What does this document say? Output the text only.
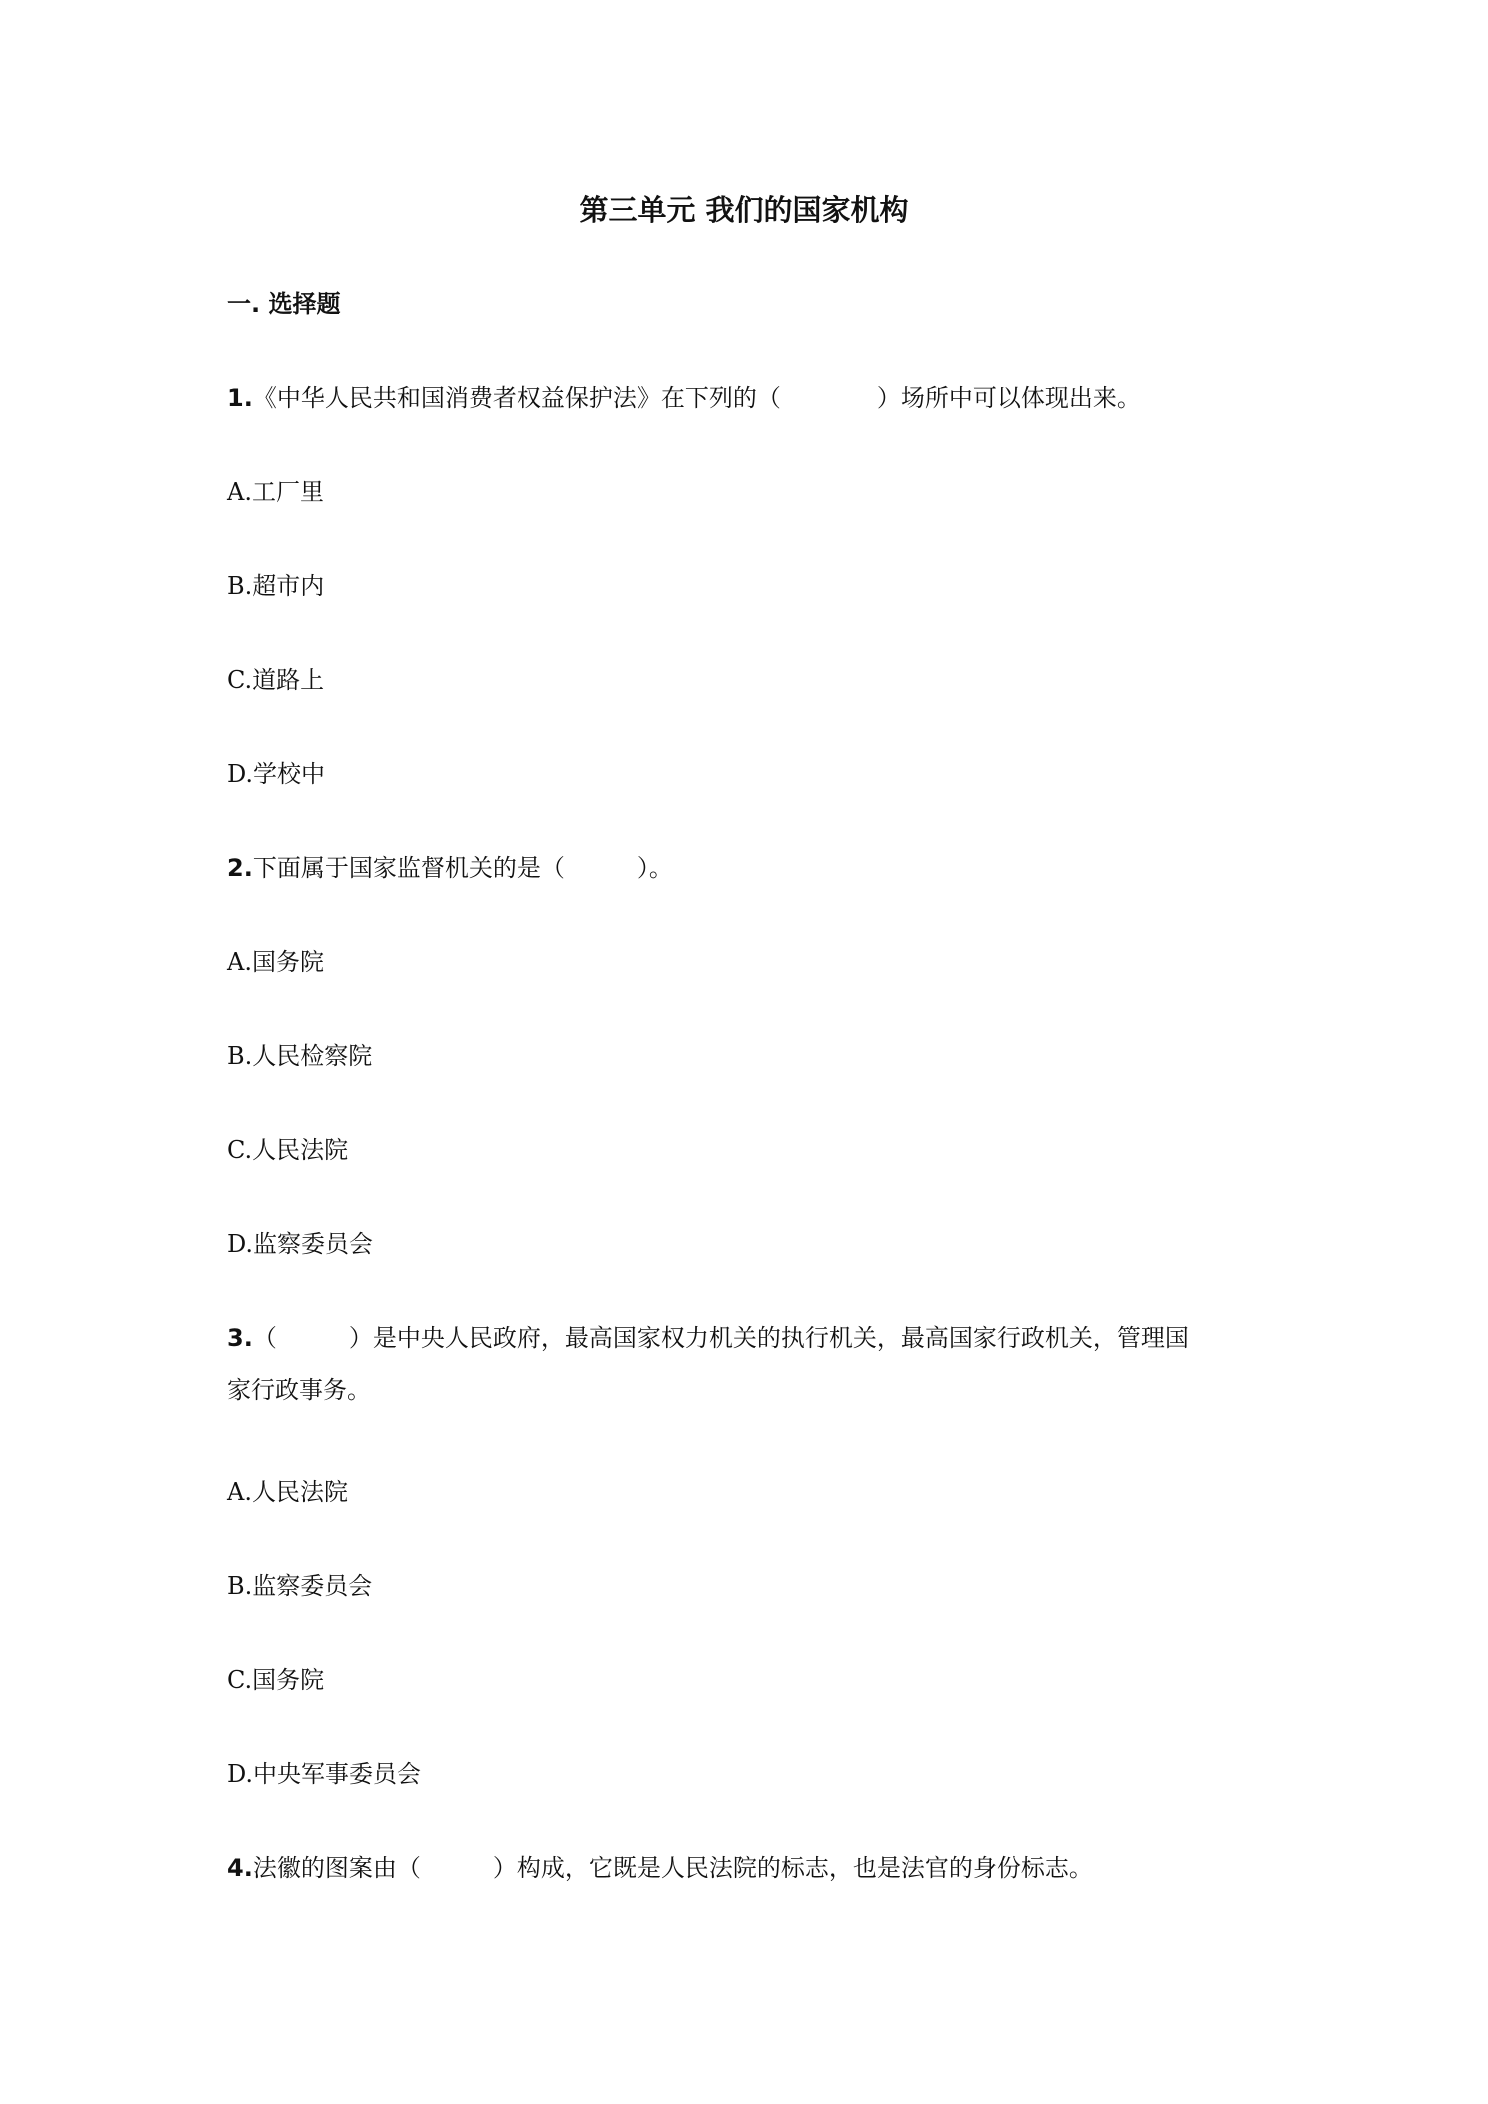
第三单元 我们的国家机构
一. 选择题
1.《中华人民共和国消费者权益保护法》在下列的（　　　　）场所中可以体现出来。
A.工厂里
B.超市内
C.道路上
D.学校中
2.下面属于国家监督机关的是（　　　）。
A.国务院
B.人民检察院
C.人民法院
D.监察委员会
3.（　　　）是中央人民政府，最高国家权力机关的执行机关，最高国家行政机关，管理国
家行政事务。
A.人民法院
B.监察委员会
C.国务院
D.中央军事委员会
4.法徽的图案由（　　　）构成，它既是人民法院的标志，也是法官的身份标志。
